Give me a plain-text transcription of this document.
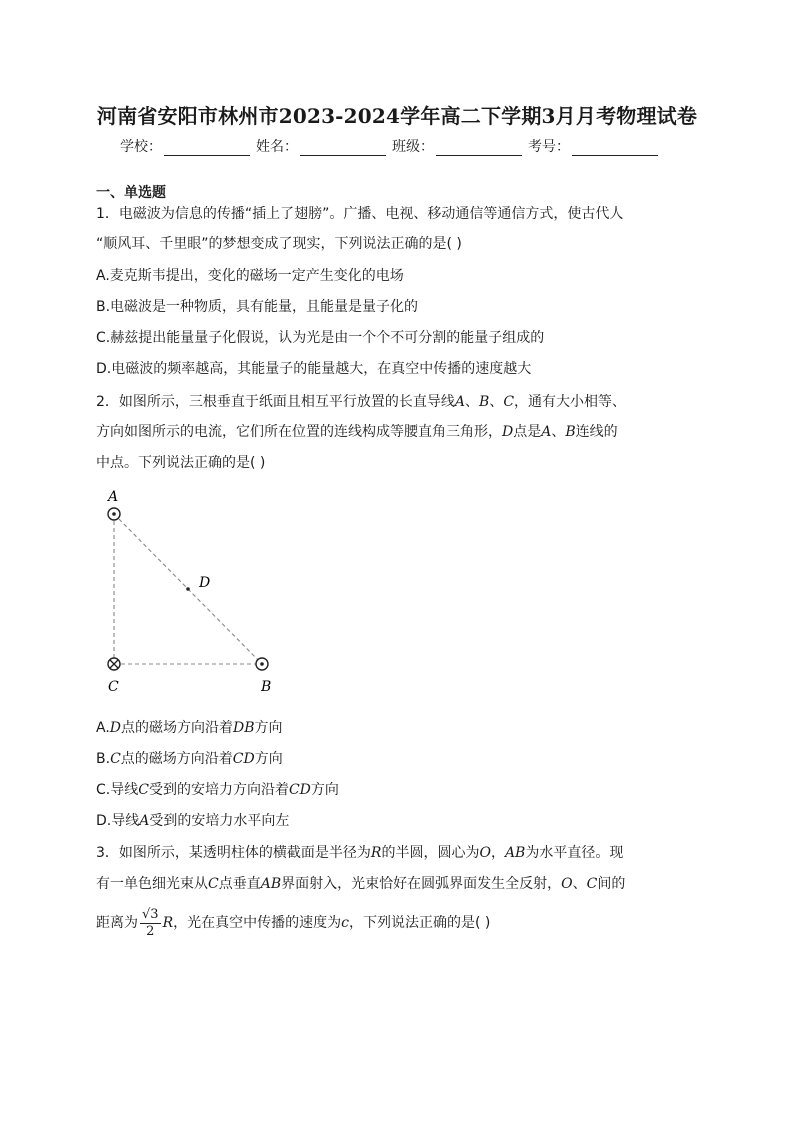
河南省安阳市林州市2023-2024学年高二下学期3月月考物理试卷
学校：	姓名：	班级：	考号：
一、单选题
1．电磁波为信息的传播“插上了翅膀”。广播、电视、移动通信等通信方式，使古代人
“顺风耳、千里眼”的梦想变成了现实，下列说法正确的是( )
A.麦克斯韦提出，变化的磁场一定产生变化的电场
B.电磁波是一种物质，具有能量，且能量是量子化的
C.赫兹提出能量量子化假说，认为光是由一个个不可分割的能量子组成的
D.电磁波的频率越高，其能量子的能量越大，在真空中传播的速度越大
2．如图所示，三根垂直于纸面且相互平行放置的长直导线A、B、C，通有大小相等、
方向如图所示的电流，它们所在位置的连线构成等腰直角三角形，D点是A、B连线的
中点。下列说法正确的是( )
A
D
C	B
A.D点的磁场方向沿着DB方向
B.C点的磁场方向沿着CD方向
C.导线C受到的安培力方向沿着CD方向
D.导线A受到的安培力水平向左
3．如图所示，某透明柱体的横截面是半径为R的半圆，圆心为O，AB为水平直径。现
有一单色细光束从C点垂直AB界面射入，光束恰好在圆弧界面发生全反射，O、C间的
距离为 $\frac{√3}{2}$ R，光在真空中传播的速度为c，下列说法正确的是( )
